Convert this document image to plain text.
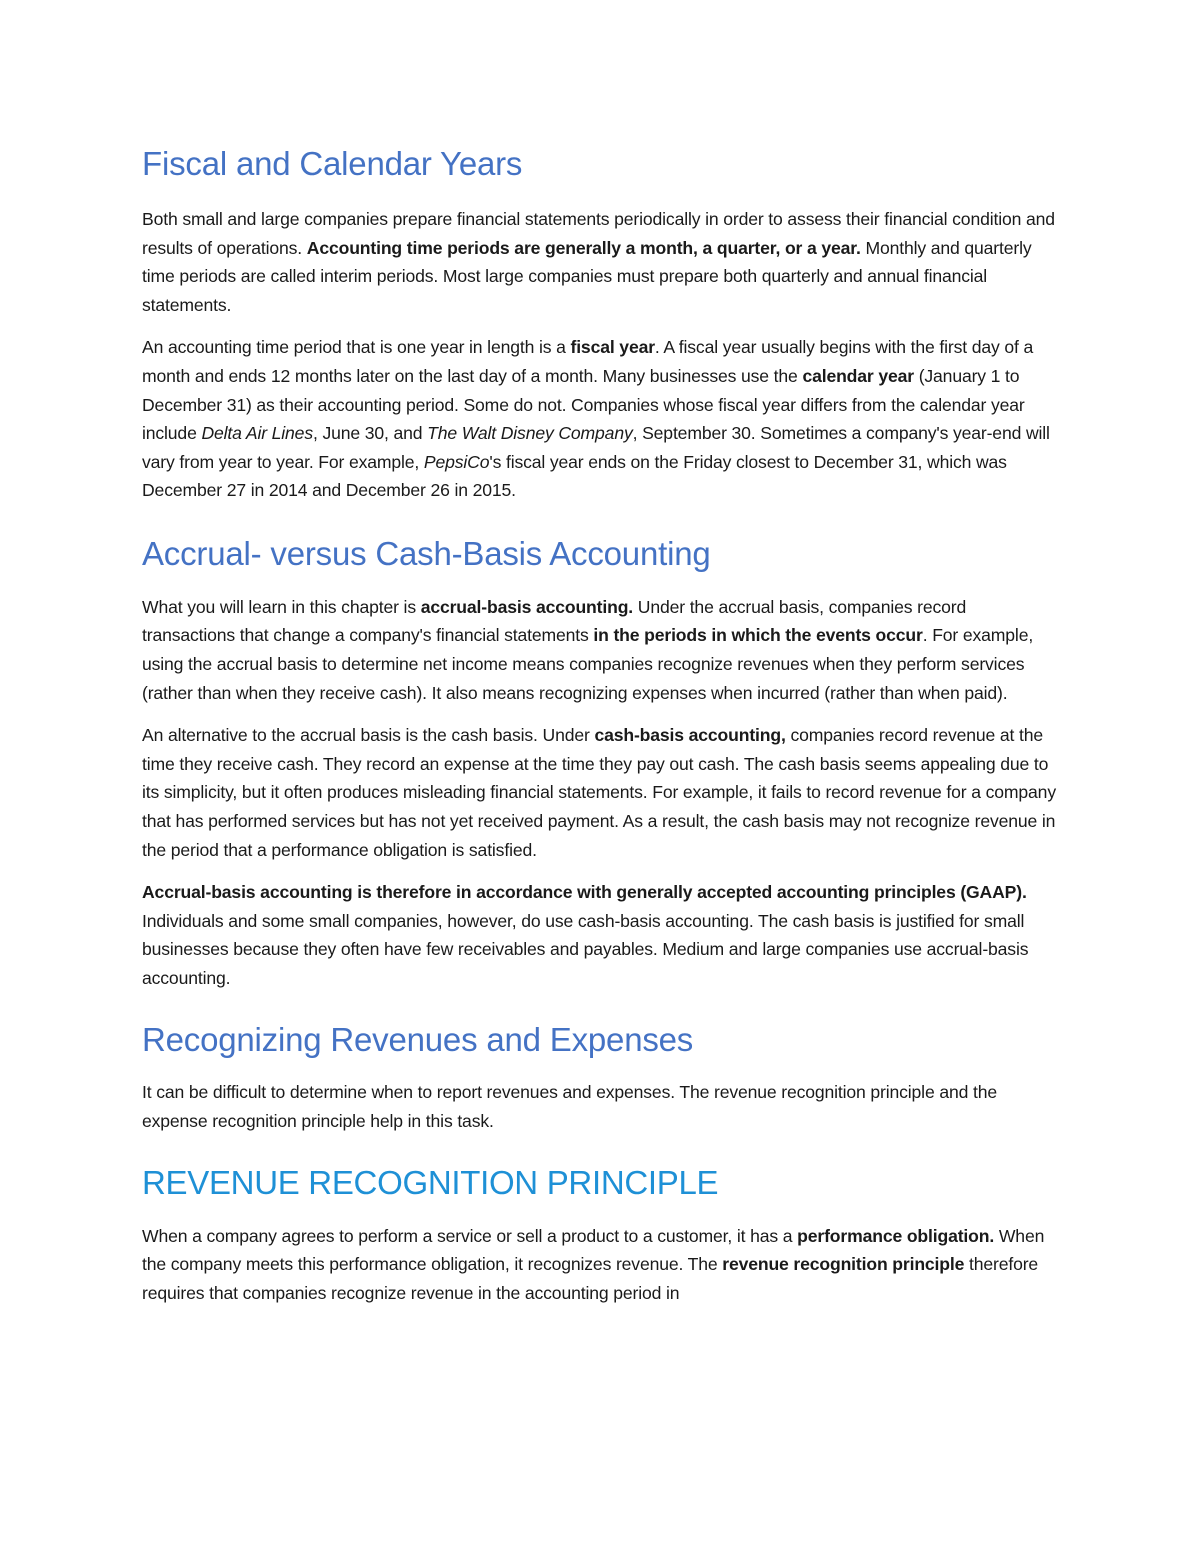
Fiscal and Calendar Years

Both small and large companies prepare financial statements periodically in order to assess their financial condition and results of operations. Accounting time periods are generally a month, a quarter, or a year. Monthly and quarterly time periods are called interim periods. Most large companies must prepare both quarterly and annual financial statements.

An accounting time period that is one year in length is a fiscal year. A fiscal year usually begins with the first day of a month and ends 12 months later on the last day of a month. Many businesses use the calendar year (January 1 to December 31) as their accounting period. Some do not. Companies whose fiscal year differs from the calendar year include Delta Air Lines, June 30, and The Walt Disney Company, September 30. Sometimes a company's year-end will vary from year to year. For example, PepsiCo's fiscal year ends on the Friday closest to December 31, which was December 27 in 2014 and December 26 in 2015.

Accrual- versus Cash-Basis Accounting

What you will learn in this chapter is accrual-basis accounting. Under the accrual basis, companies record transactions that change a company's financial statements in the periods in which the events occur. For example, using the accrual basis to determine net income means companies recognize revenues when they perform services (rather than when they receive cash). It also means recognizing expenses when incurred (rather than when paid).

An alternative to the accrual basis is the cash basis. Under cash-basis accounting, companies record revenue at the time they receive cash. They record an expense at the time they pay out cash. The cash basis seems appealing due to its simplicity, but it often produces misleading financial statements. For example, it fails to record revenue for a company that has performed services but has not yet received payment. As a result, the cash basis may not recognize revenue in the period that a performance obligation is satisfied.

Accrual-basis accounting is therefore in accordance with generally accepted accounting principles (GAAP). Individuals and some small companies, however, do use cash-basis accounting. The cash basis is justified for small businesses because they often have few receivables and payables. Medium and large companies use accrual-basis accounting.

Recognizing Revenues and Expenses

It can be difficult to determine when to report revenues and expenses. The revenue recognition principle and the expense recognition principle help in this task.

REVENUE RECOGNITION PRINCIPLE

When a company agrees to perform a service or sell a product to a customer, it has a performance obligation. When the company meets this performance obligation, it recognizes revenue. The revenue recognition principle therefore requires that companies recognize revenue in the accounting period in
